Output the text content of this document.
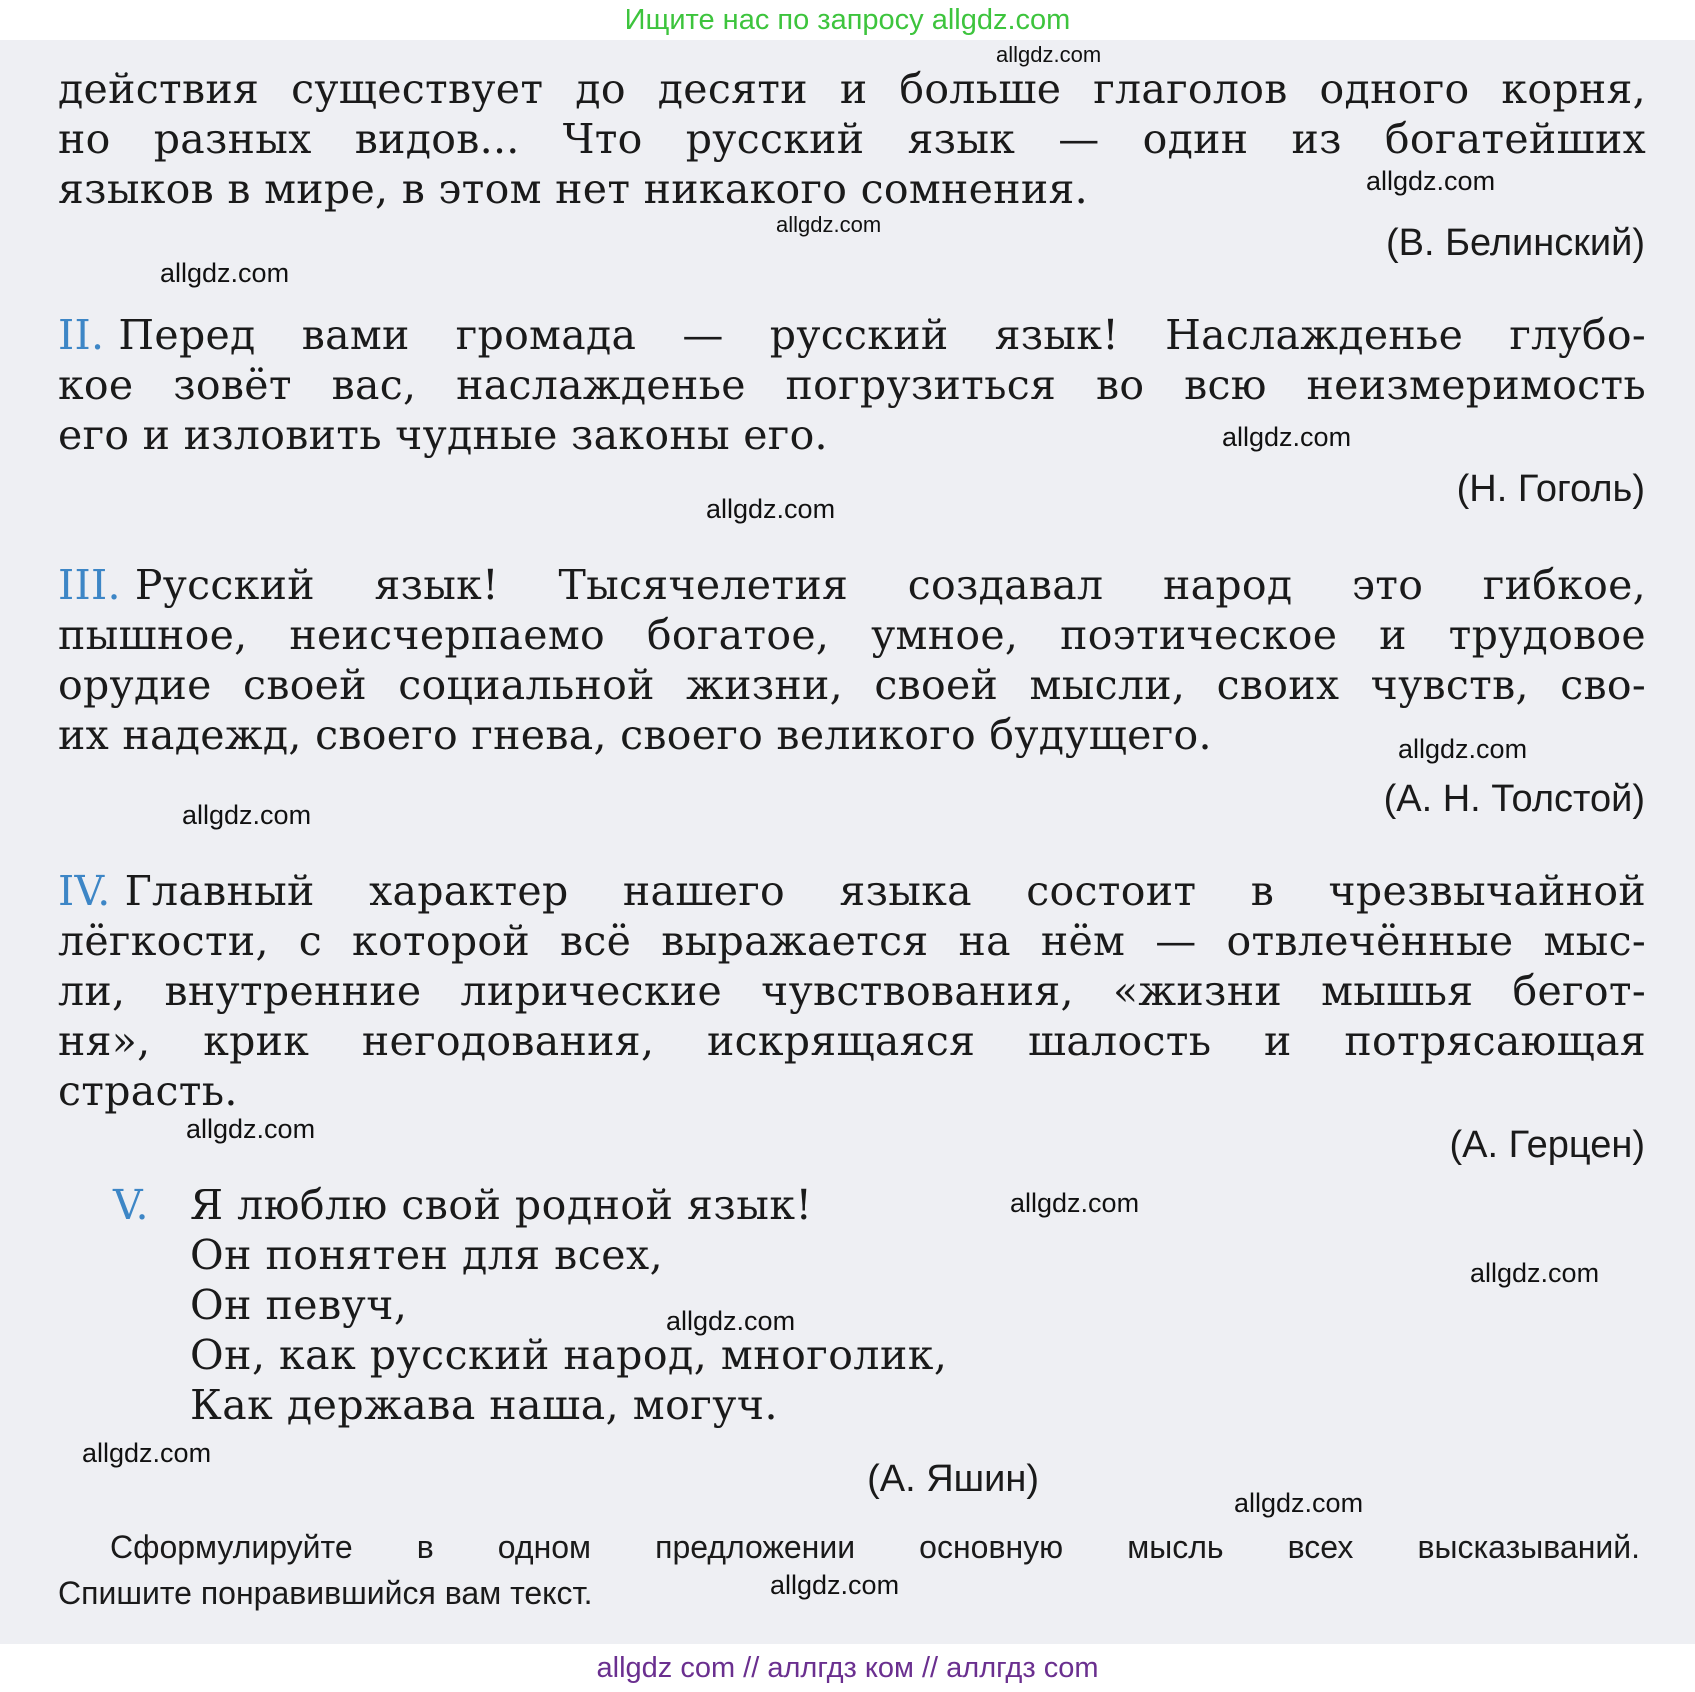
Ищите нас по запросу allgdz.com
действия существует до десяти и больше глаголов одного корня,
но разных видов... Что русский язык — один из богатейших
языков в мире, в этом нет никакого сомнения.
(В. Белинский)
II. Перед вами громада — русский язык! Наслажденье глубо-
кое зовёт вас, наслажденье погрузиться во всю неизмеримость
его и изловить чудные законы его.
(Н. Гоголь)
III. Русский язык! Тысячелетия создавал народ это гибкое,
пышное, неисчерпаемо богатое, умное, поэтическое и трудовое
орудие своей социальной жизни, своей мысли, своих чувств, сво-
их надежд, своего гнева, своего великого будущего.
(А. Н. Толстой)
IV. Главный характер нашего языка состоит в чрезвычайной
лёгкости, с которой всё выражается на нём — отвлечённые мыс-
ли, внутренние лирические чувствования, «жизни мышья бегот-
ня», крик негодования, искрящаяся шалость и потрясающая
страсть.
(А. Герцен)
V. Я люблю свой родной язык!
Он понятен для всех,
Он певуч,
Он, как русский народ, многолик,
Как держава наша, могуч.
(А. Яшин)
Сформулируйте в одном предложении основную мысль всех высказываний.
Спишите понравившийся вам текст.
allgdz.com
allgdz.com
allgdz.com
allgdz.com
allgdz.com
allgdz.com
allgdz.com
allgdz.com
allgdz.com
allgdz.com
allgdz.com
allgdz.com
allgdz.com
allgdz.com
allgdz.com
allgdz com // аллгдз ком // аллгдз com
